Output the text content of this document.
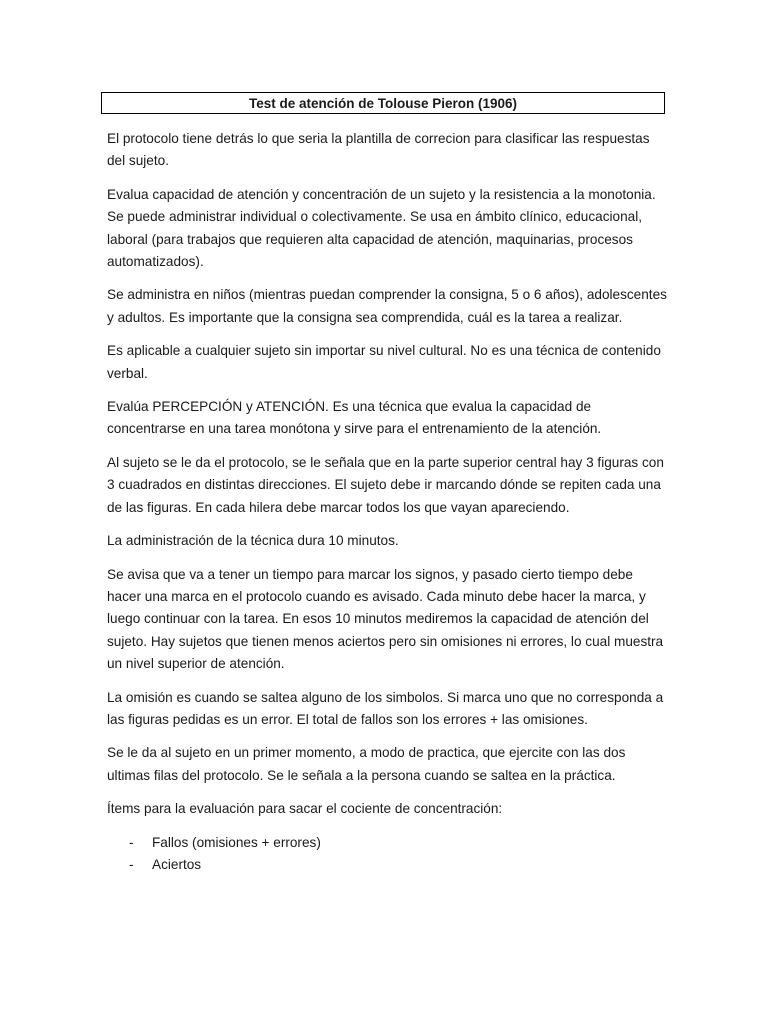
Test de atención de Tolouse Pieron (1906)

El protocolo tiene detrás lo que seria la plantilla de correcion para clasificar las respuestas del sujeto.

Evalua capacidad de atención y concentración de un sujeto y la resistencia a la monotonia. Se puede administrar individual o colectivamente. Se usa en ámbito clínico, educacional, laboral (para trabajos que requieren alta capacidad de atención, maquinarias, procesos automatizados).

Se administra en niños (mientras puedan comprender la consigna, 5 o 6 años), adolescentes y adultos. Es importante que la consigna sea comprendida, cuál es la tarea a realizar.

Es aplicable a cualquier sujeto sin importar su nivel cultural. No es una técnica de contenido verbal.

Evalúa PERCEPCIÓN y ATENCIÓN. Es una técnica que evalua la capacidad de concentrarse en una tarea monótona y sirve para el entrenamiento de la atención.

Al sujeto se le da el protocolo, se le señala que en la parte superior central hay 3 figuras con 3 cuadrados en distintas direcciones. El sujeto debe ir marcando dónde se repiten cada una de las figuras. En cada hilera debe marcar todos los que vayan apareciendo.

La administración de la técnica dura 10 minutos.

Se avisa que va a tener un tiempo para marcar los signos, y pasado cierto tiempo debe hacer una marca en el protocolo cuando es avisado. Cada minuto debe hacer la marca, y luego continuar con la tarea. En esos 10 minutos mediremos la capacidad de atención del sujeto. Hay sujetos que tienen menos aciertos pero sin omisiones ni errores, lo cual muestra un nivel superior de atención.

La omisión es cuando se saltea alguno de los simbolos. Si marca uno que no corresponda a las figuras pedidas es un error. El total de fallos son los errores + las omisiones.

Se le da al sujeto en un primer momento, a modo de practica, que ejercite con las dos ultimas filas del protocolo. Se le señala a la persona cuando se saltea en la práctica.

Ítems para la evaluación para sacar el cociente de concentración:

-	Fallos (omisiones + errores)
-	Aciertos
